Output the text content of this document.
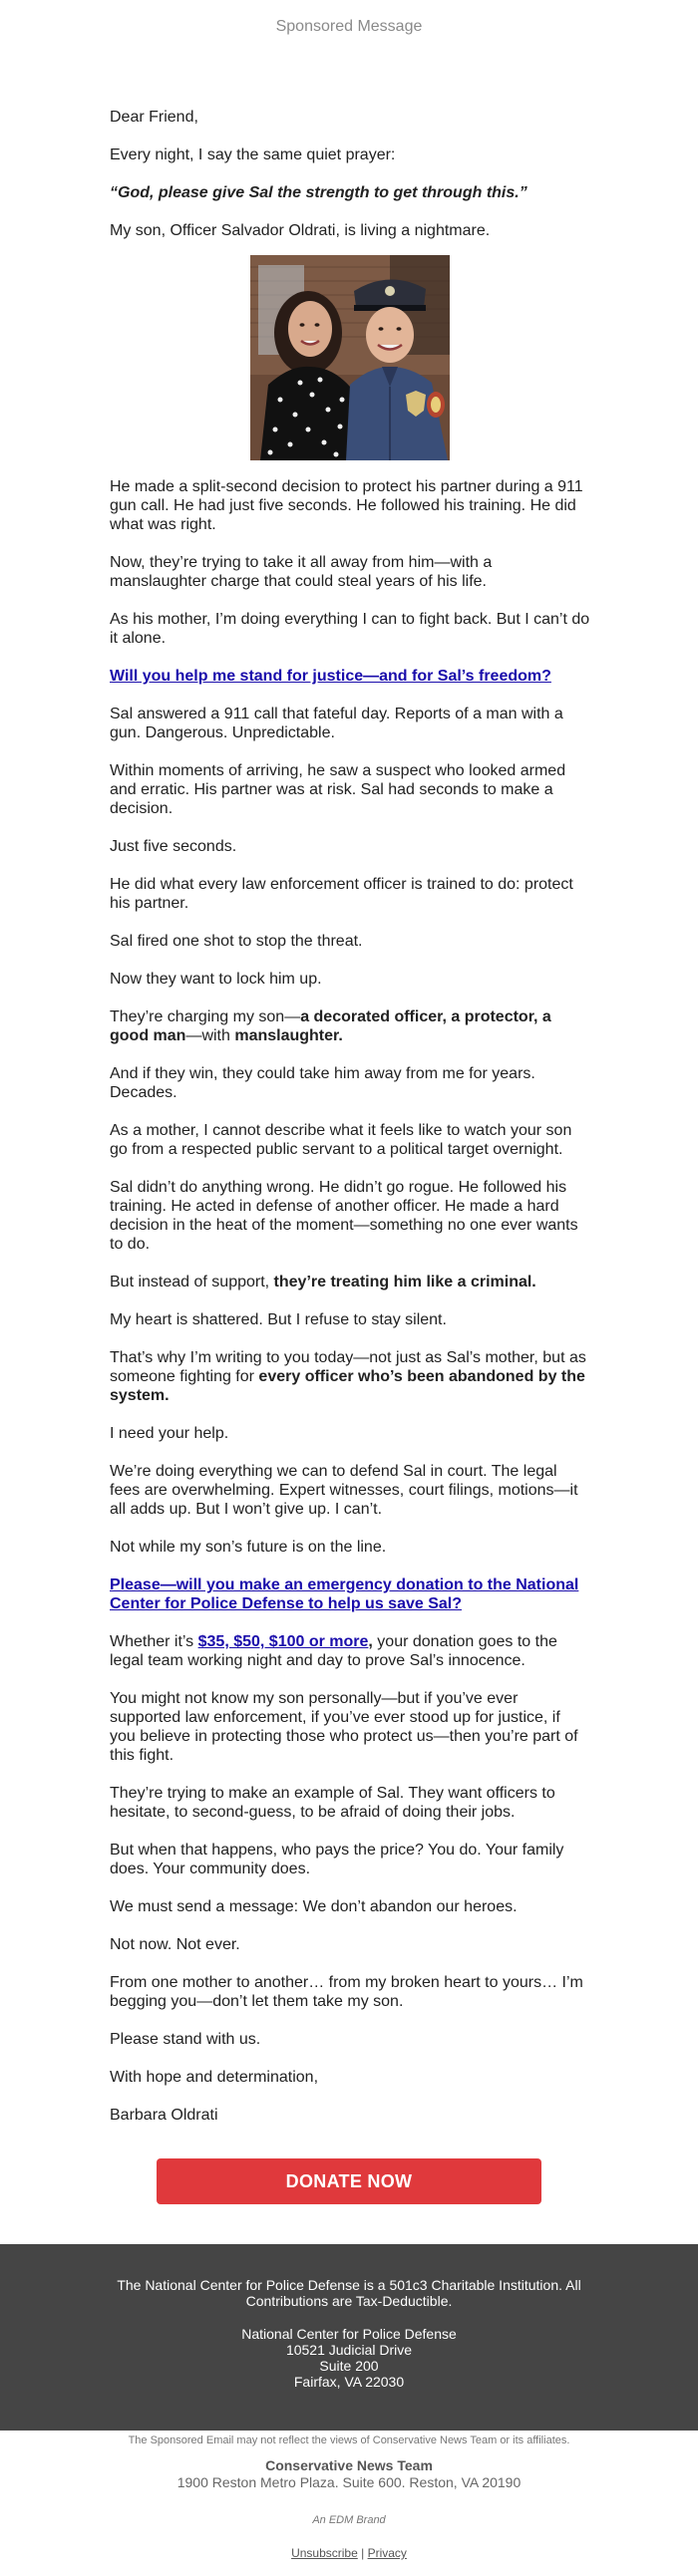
Sponsored Message

Dear Friend,

Every night, I say the same quiet prayer:

“God, please give Sal the strength to get through this.”

My son, Officer Salvador Oldrati, is living a nightmare.

He made a split-second decision to protect his partner during a 911 gun call. He had just five seconds. He followed his training. He did what was right.

Now, they’re trying to take it all away from him—with a manslaughter charge that could steal years of his life.

As his mother, I’m doing everything I can to fight back. But I can’t do it alone.

Will you help me stand for justice—and for Sal’s freedom?

Sal answered a 911 call that fateful day. Reports of a man with a gun. Dangerous. Unpredictable.

Within moments of arriving, he saw a suspect who looked armed and erratic. His partner was at risk. Sal had seconds to make a decision.

Just five seconds.

He did what every law enforcement officer is trained to do: protect his partner.

Sal fired one shot to stop the threat.

Now they want to lock him up.

They’re charging my son—a decorated officer, a protector, a good man—with manslaughter.

And if they win, they could take him away from me for years. Decades.

As a mother, I cannot describe what it feels like to watch your son go from a respected public servant to a political target overnight.

Sal didn’t do anything wrong. He didn’t go rogue. He followed his training. He acted in defense of another officer. He made a hard decision in the heat of the moment—something no one ever wants to do.

But instead of support, they’re treating him like a criminal.

My heart is shattered. But I refuse to stay silent.

That’s why I’m writing to you today—not just as Sal’s mother, but as someone fighting for every officer who’s been abandoned by the system.

I need your help.

We’re doing everything we can to defend Sal in court. The legal fees are overwhelming. Expert witnesses, court filings, motions—it all adds up. But I won’t give up. I can’t.

Not while my son’s future is on the line.

Please—will you make an emergency donation to the National Center for Police Defense to help us save Sal?

Whether it’s $35, $50, $100 or more, your donation goes to the legal team working night and day to prove Sal’s innocence.

You might not know my son personally—but if you’ve ever supported law enforcement, if you’ve ever stood up for justice, if you believe in protecting those who protect us—then you’re part of this fight.

They’re trying to make an example of Sal. They want officers to hesitate, to second-guess, to be afraid of doing their jobs.

But when that happens, who pays the price? You do. Your family does. Your community does.

We must send a message: We don’t abandon our heroes.

Not now. Not ever.

From one mother to another… from my broken heart to yours… I’m begging you—don’t let them take my son.

Please stand with us.

With hope and determination,

Barbara Oldrati

DONATE NOW
The National Center for Police Defense is a 501c3 Charitable Institution. All Contributions are Tax-Deductible.
National Center for Police Defense
10521 Judicial Drive
Suite 200
Fairfax, VA 22030
The Sponsored Email may not reflect the views of Conservative News Team or its affiliates.
Conservative News Team
1900 Reston Metro Plaza. Suite 600. Reston, VA 20190
An EDM Brand
Unsubscribe | Privacy
